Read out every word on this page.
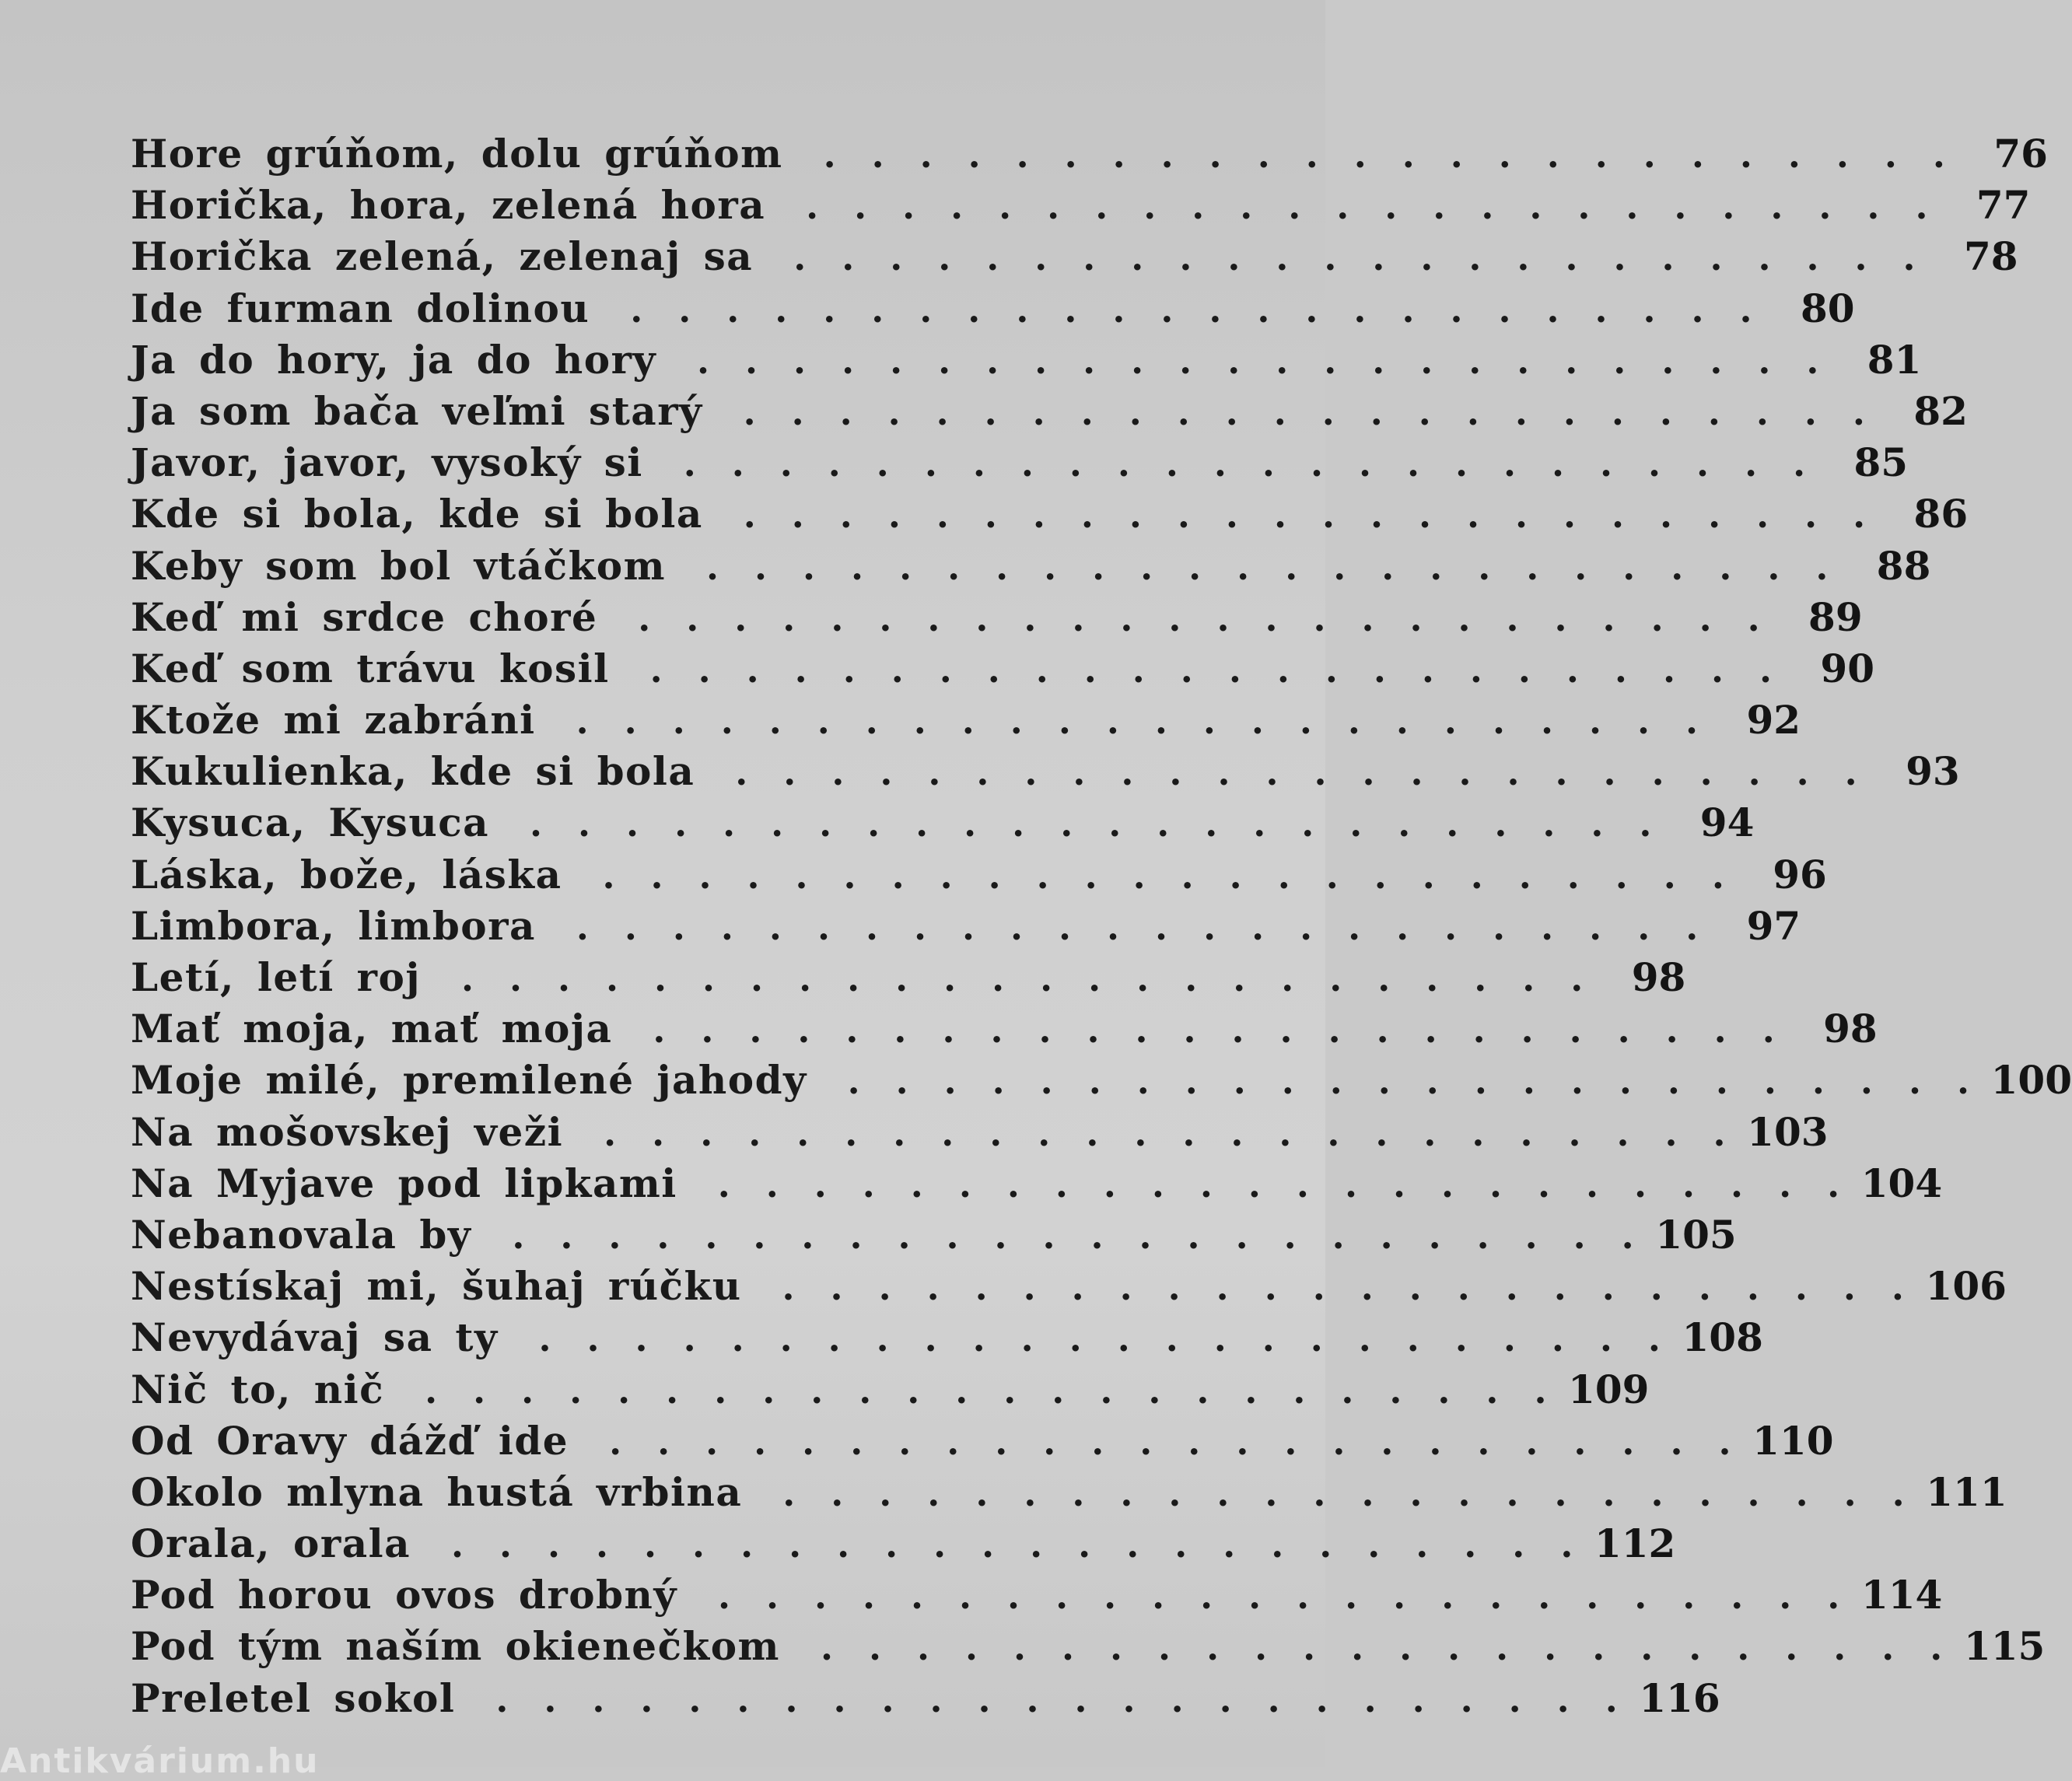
Hore grúňom, dolu grúňom  . . . . . . . . . . . . . . . . . . . . . . . .	76
Horička, hora, zelená hora  . . . . . . . . . . . . . . . . . . . . . . . .	77
Horička zelená, zelenaj sa  . . . . . . . . . . . . . . . . . . . . . . . .	78
Ide furman dolinou  . . . . . . . . . . . . . . . . . . . . . . . .	80
Ja do hory, ja do hory  . . . . . . . . . . . . . . . . . . . . . . . .	81
Ja som bača veľmi starý  . . . . . . . . . . . . . . . . . . . . . . . .	82
Javor, javor, vysoký si  . . . . . . . . . . . . . . . . . . . . . . . .	85
Kde si bola, kde si bola  . . . . . . . . . . . . . . . . . . . . . . . .	86
Keby som bol vtáčkom  . . . . . . . . . . . . . . . . . . . . . . . .	88
Keď mi srdce choré  . . . . . . . . . . . . . . . . . . . . . . . .	89
Keď som trávu kosil  . . . . . . . . . . . . . . . . . . . . . . . .	90
Ktože mi zabráni  . . . . . . . . . . . . . . . . . . . . . . . .	92
Kukulienka, kde si bola  . . . . . . . . . . . . . . . . . . . . . . . .	93
Kysuca, Kysuca  . . . . . . . . . . . . . . . . . . . . . . . .	94
Láska, bože, láska  . . . . . . . . . . . . . . . . . . . . . . . .	96
Limbora, limbora  . . . . . . . . . . . . . . . . . . . . . . . .	97
Letí, letí roj  . . . . . . . . . . . . . . . . . . . . . . . .	98
Mať moja, mať moja  . . . . . . . . . . . . . . . . . . . . . . . .	98
Moje milé, premilené jahody  . . . . . . . . . . . . . . . . . . . . . . . . 100
Na mošovskej veži  . . . . . . . . . . . . . . . . . . . . . . . . 103
Na Myjave pod lipkami  . . . . . . . . . . . . . . . . . . . . . . . . 104
Nebanovala by  . . . . . . . . . . . . . . . . . . . . . . . . 105
Nestískaj mi, šuhaj rúčku  . . . . . . . . . . . . . . . . . . . . . . . . 106
Nevydávaj sa ty  . . . . . . . . . . . . . . . . . . . . . . . . 108
Nič to, nič  . . . . . . . . . . . . . . . . . . . . . . . . 109
Od Oravy dážď ide  . . . . . . . . . . . . . . . . . . . . . . . . 110
Okolo mlyna hustá vrbina  . . . . . . . . . . . . . . . . . . . . . . . . 111
Orala, orala  . . . . . . . . . . . . . . . . . . . . . . . . 112
Pod horou ovos drobný  . . . . . . . . . . . . . . . . . . . . . . . . 114
Pod tým naším okienečkom  . . . . . . . . . . . . . . . . . . . . . . . . 115
Preletel sokol  . . . . . . . . . . . . . . . . . . . . . . . . 116
Antikvárium.hu
